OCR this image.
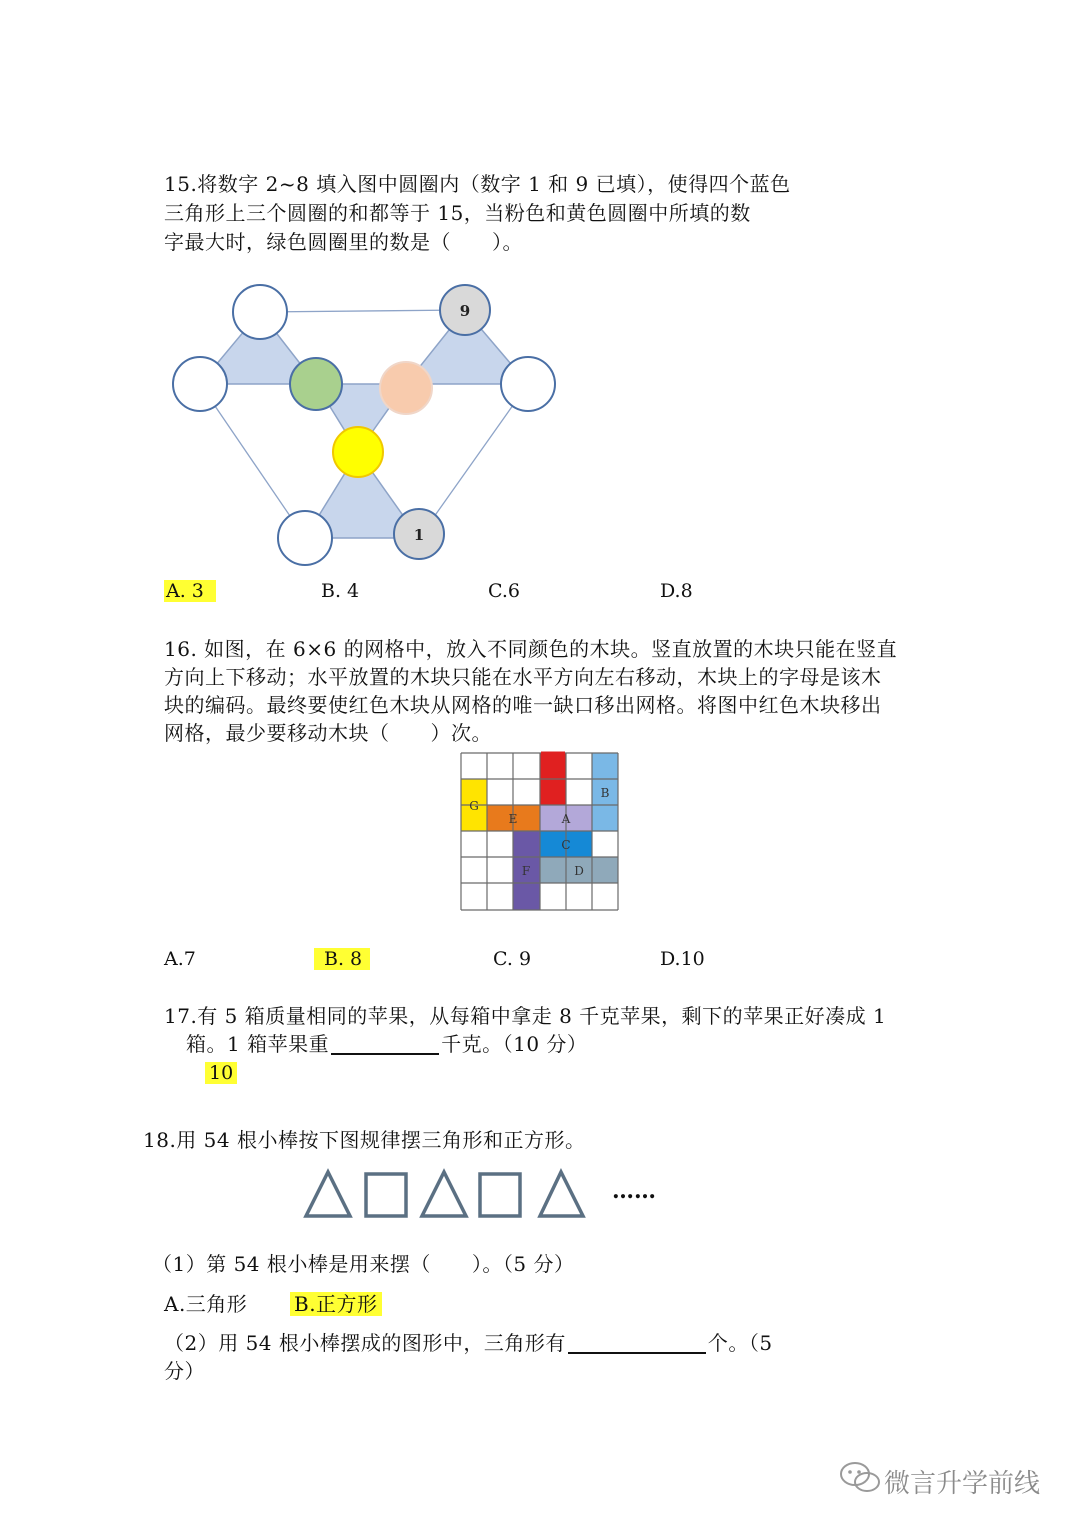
15.将数字 2~8 填入图中圆圈内（数字 1 和 9 已填），使得四个蓝色
三角形上三个圆圈的和都等于 15，当粉色和黄色圆圈中所填的数
字最大时，绿色圆圈里的数是（　　）。
9
1
A. 3	B. 4	C.6	D.8
16. 如图，在 6×6 的网格中，放入不同颜色的木块。竖直放置的木块只能在竖直
方向上下移动；水平放置的木块只能在水平方向左右移动，木块上的字母是该木
块的编码。最终要使红色木块从网格的唯一缺口移出网格。将图中红色木块移出
网格，最少要移动木块（　　）次。
G
E	A
B
C
F	D
A.7	B. 8	C. 9	D.10
17.有 5 箱质量相同的苹果，从每箱中拿走 8 千克苹果，剩下的苹果正好凑成 1
箱。1 箱苹果重	千克。（10 分）
10
18.用 54 根小棒按下图规律摆三角形和正方形。
……
（1）第 54 根小棒是用来摆（　　）。（5 分）
A.三角形 B.正方形
（2）用 54 根小棒摆成的图形中，三角形有	个。（5
分）
微言升学前线
